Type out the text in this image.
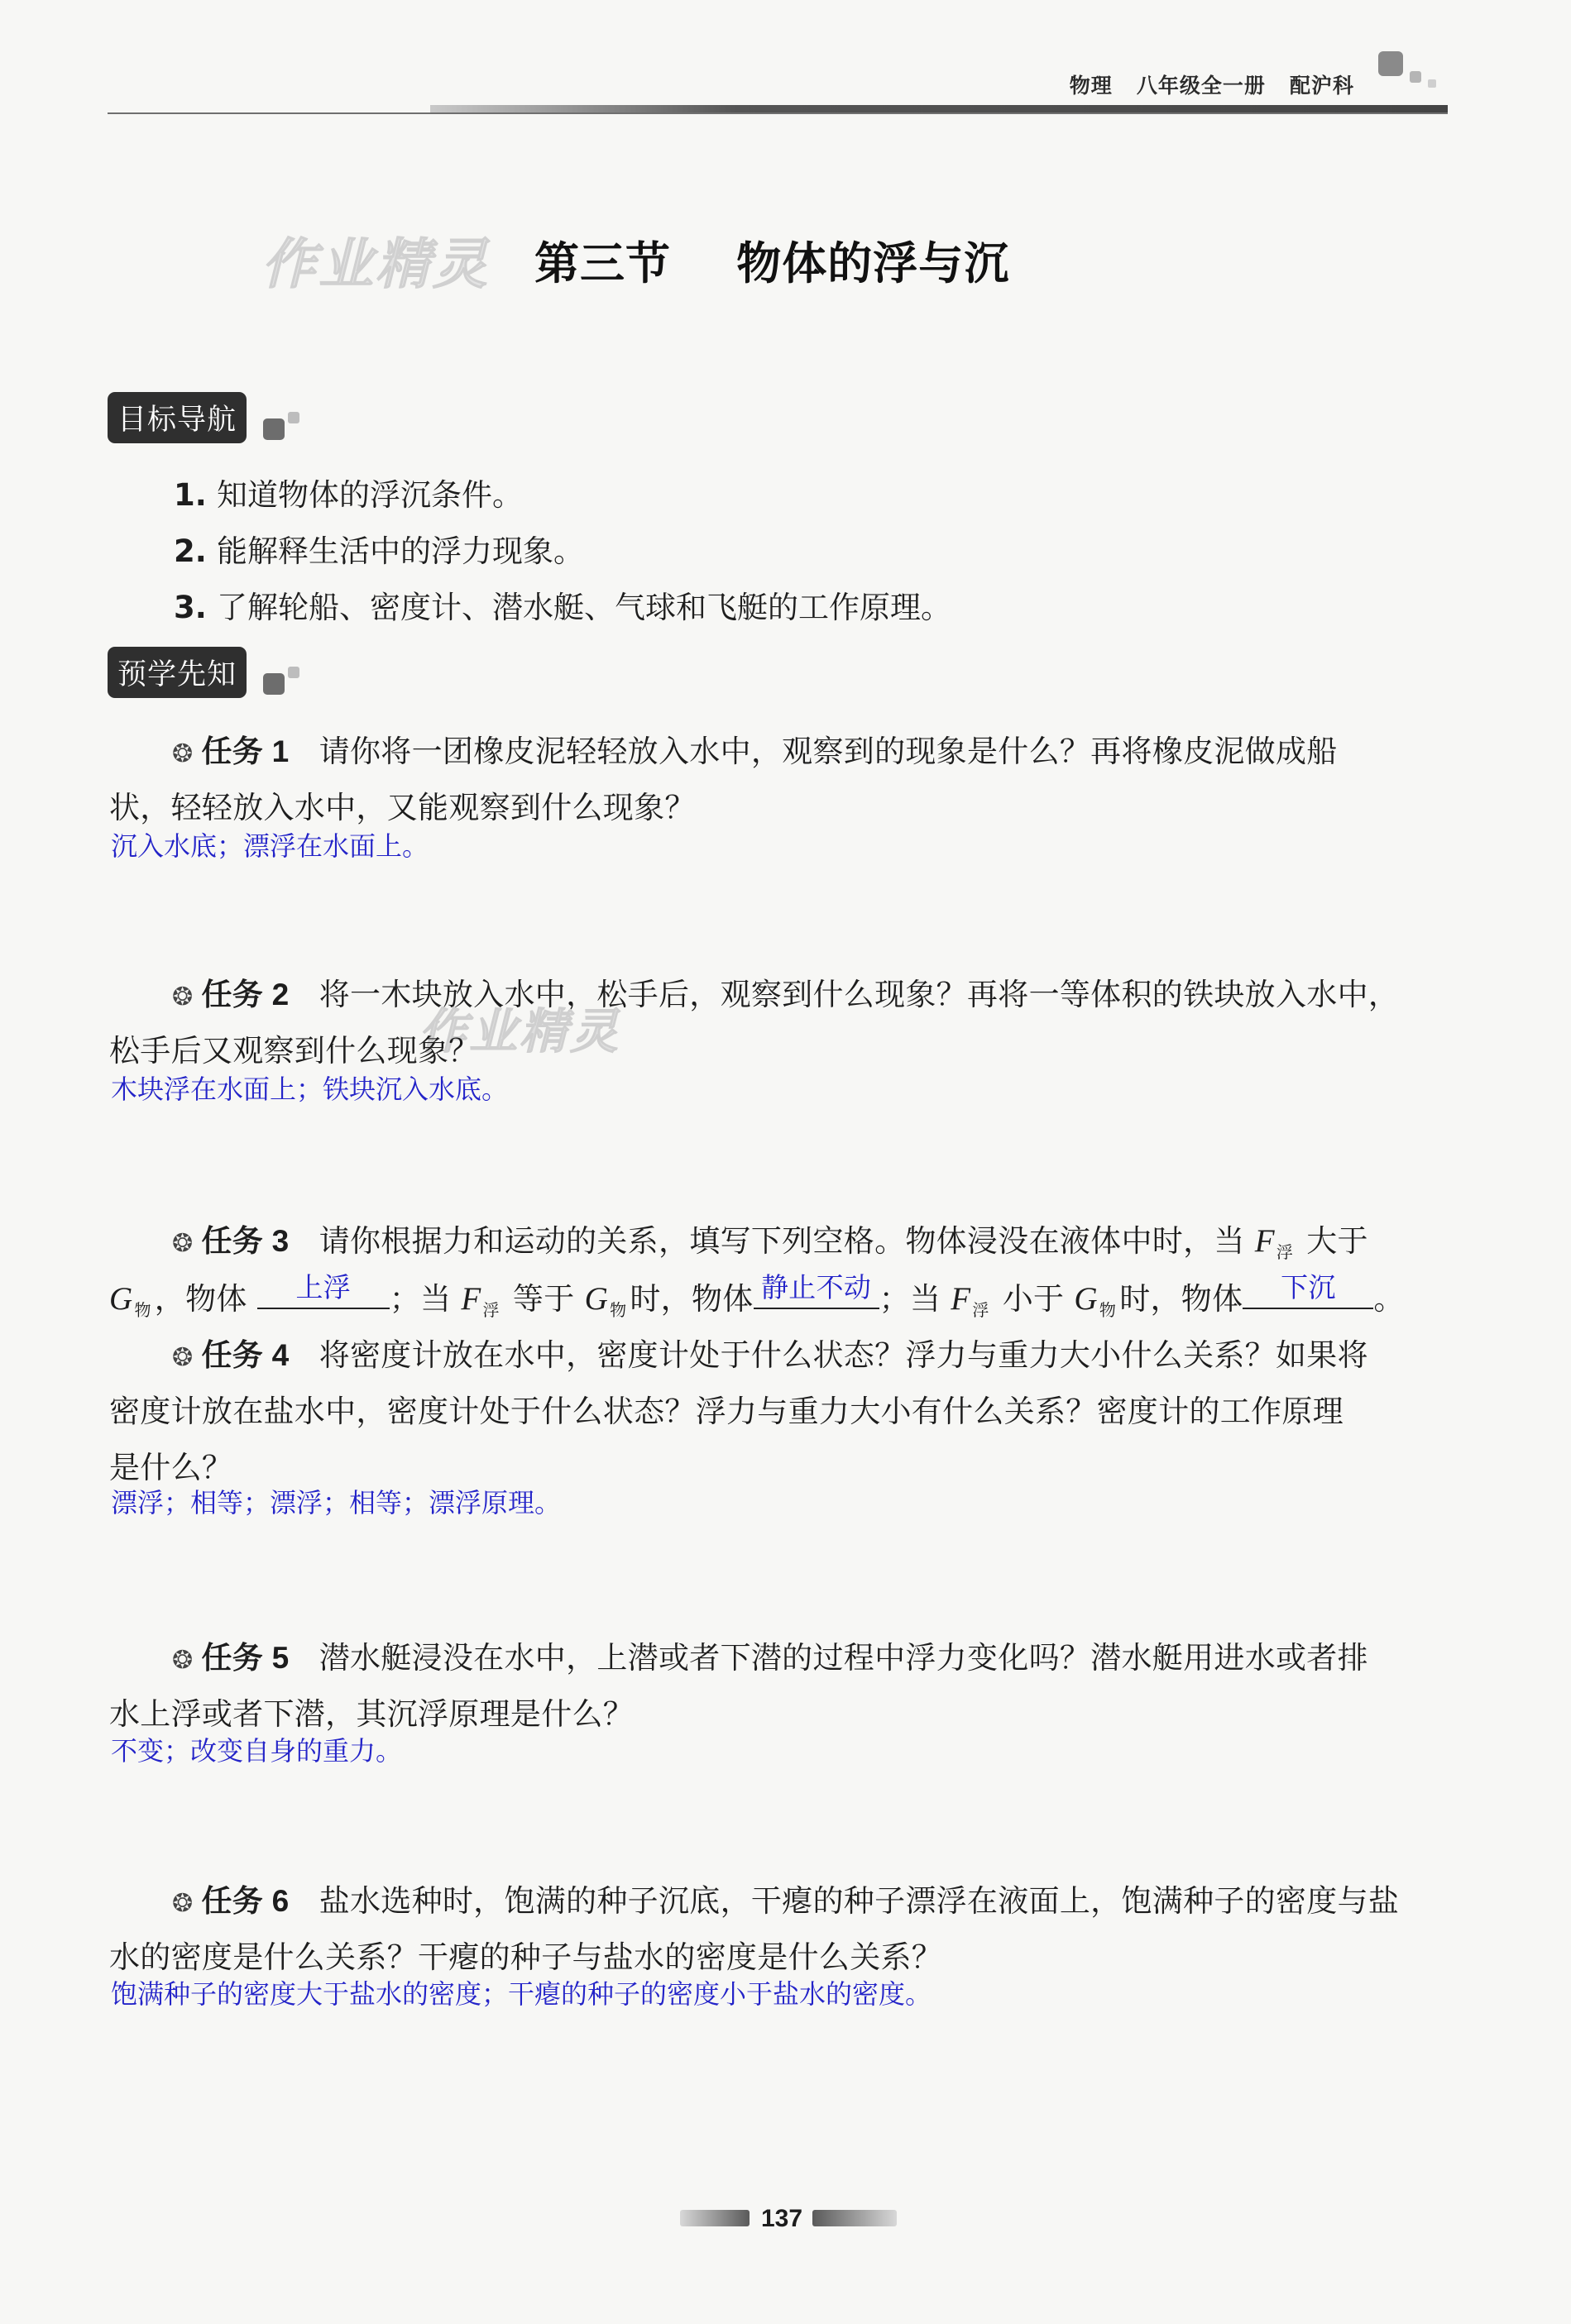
物理   八年级全一册   配沪科
作业精灵 第三节    物体的浮与沉
目标导航
1. 知道物体的浮沉条件。
2. 能解释生活中的浮力现象。
3. 了解轮船、密度计、潜水艇、气球和飞艇的工作原理。
预学先知
❂ 任务 1 请你将一团橡皮泥轻轻放入水中，观察到的现象是什么？再将橡皮泥做成船
状，轻轻放入水中，又能观察到什么现象？
沉入水底；漂浮在水面上。
❂ 任务 2 将一木块放入水中，松手后，观察到什么现象？再将一等体积的铁块放入水中，
作业精灵
松手后又观察到什么现象？
木块浮在水面上；铁块沉入水底。
❂ 任务 3 请你根据力和运动的关系，填写下列空格。物体浸没在液体中时，当 F $_浮$ 大于
G $_物$ ，物体	上浮	；当 F $_浮$ 等于 G $_物$ 时，物体 静止不动 ；当 F $_浮$ 小于 G $_物$ 时，物体	下沉	。
❂ 任务 4 将密度计放在水中，密度计处于什么状态？浮力与重力大小什么关系？如果将
密度计放在盐水中，密度计处于什么状态？浮力与重力大小有什么关系？密度计的工作原理
是什么？
漂浮；相等；漂浮；相等；漂浮原理。
❂ 任务 5 潜水艇浸没在水中，上潜或者下潜的过程中浮力变化吗？潜水艇用进水或者排
水上浮或者下潜，其沉浮原理是什么？
不变；改变自身的重力。
❂ 任务 6 盐水选种时，饱满的种子沉底，干瘪的种子漂浮在液面上，饱满种子的密度与盐
水的密度是什么关系？干瘪的种子与盐水的密度是什么关系？
饱满种子的密度大于盐水的密度；干瘪的种子的密度小于盐水的密度。
137
